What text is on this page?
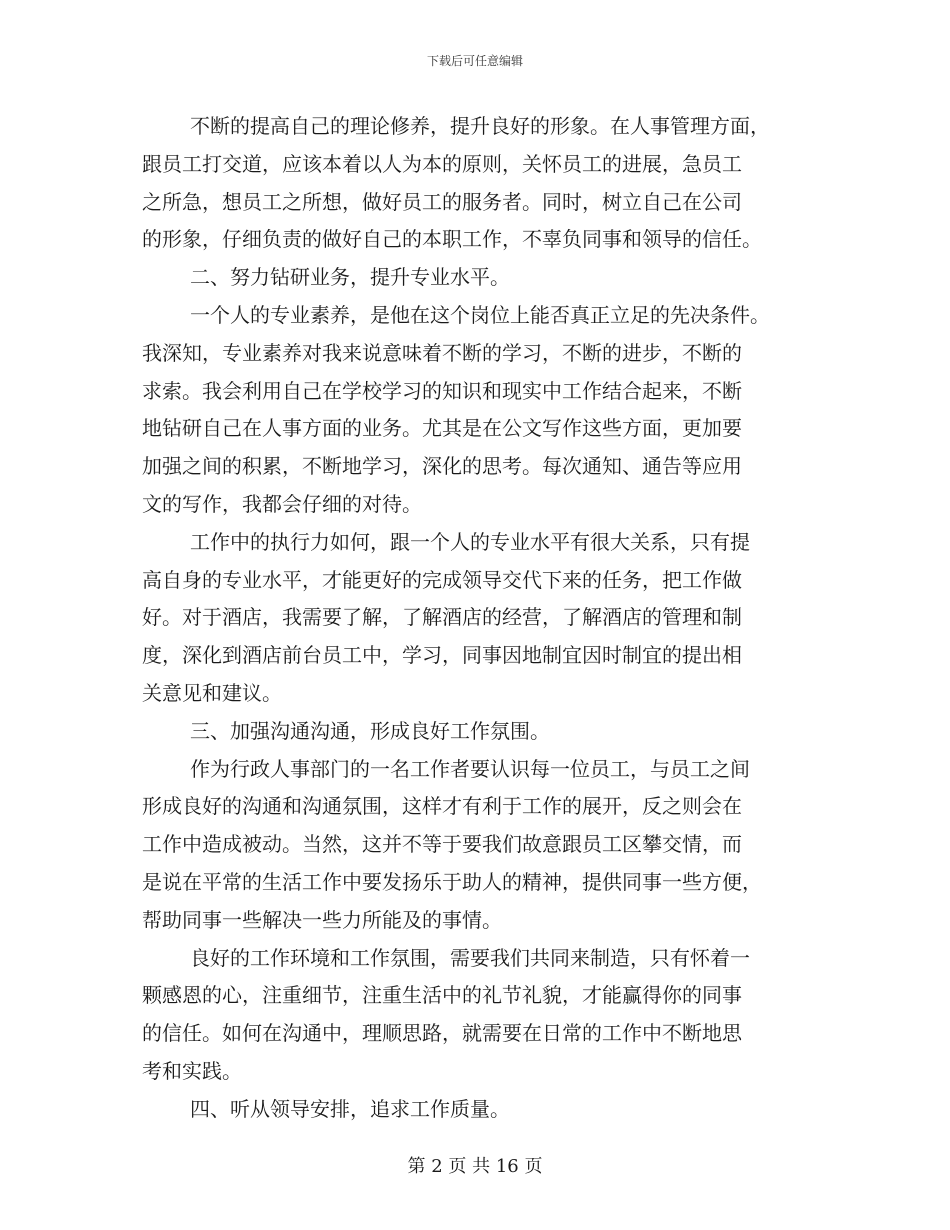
下载后可任意编辑
不断的提高自己的理论修养，提升良好的形象。在人事管理方面，
跟员工打交道，应该本着以人为本的原则，关怀员工的进展，急员工
之所急，想员工之所想，做好员工的服务者。同时，树立自己在公司
的形象，仔细负责的做好自己的本职工作，不辜负同事和领导的信任。
二、努力钻研业务，提升专业水平。
一个人的专业素养，是他在这个岗位上能否真正立足的先决条件。
我深知，专业素养对我来说意味着不断的学习，不断的进步，不断的
求索。我会利用自己在学校学习的知识和现实中工作结合起来，不断
地钻研自己在人事方面的业务。尤其是在公文写作这些方面，更加要
加强之间的积累，不断地学习，深化的思考。每次通知、通告等应用
文的写作，我都会仔细的对待。
工作中的执行力如何，跟一个人的专业水平有很大关系，只有提
高自身的专业水平，才能更好的完成领导交代下来的任务，把工作做
好。对于酒店，我需要了解，了解酒店的经营，了解酒店的管理和制
度，深化到酒店前台员工中，学习，同事因地制宜因时制宜的提出相
关意见和建议。
三、加强沟通沟通，形成良好工作氛围。
作为行政人事部门的一名工作者要认识每一位员工，与员工之间
形成良好的沟通和沟通氛围，这样才有利于工作的展开，反之则会在
工作中造成被动。当然，这并不等于要我们故意跟员工区攀交情，而
是说在平常的生活工作中要发扬乐于助人的精神，提供同事一些方便，
帮助同事一些解决一些力所能及的事情。
良好的工作环境和工作氛围，需要我们共同来制造，只有怀着一
颗感恩的心，注重细节，注重生活中的礼节礼貌，才能赢得你的同事
的信任。如何在沟通中，理顺思路，就需要在日常的工作中不断地思
考和实践。
四、听从领导安排，追求工作质量。
第 2 页 共 16 页
